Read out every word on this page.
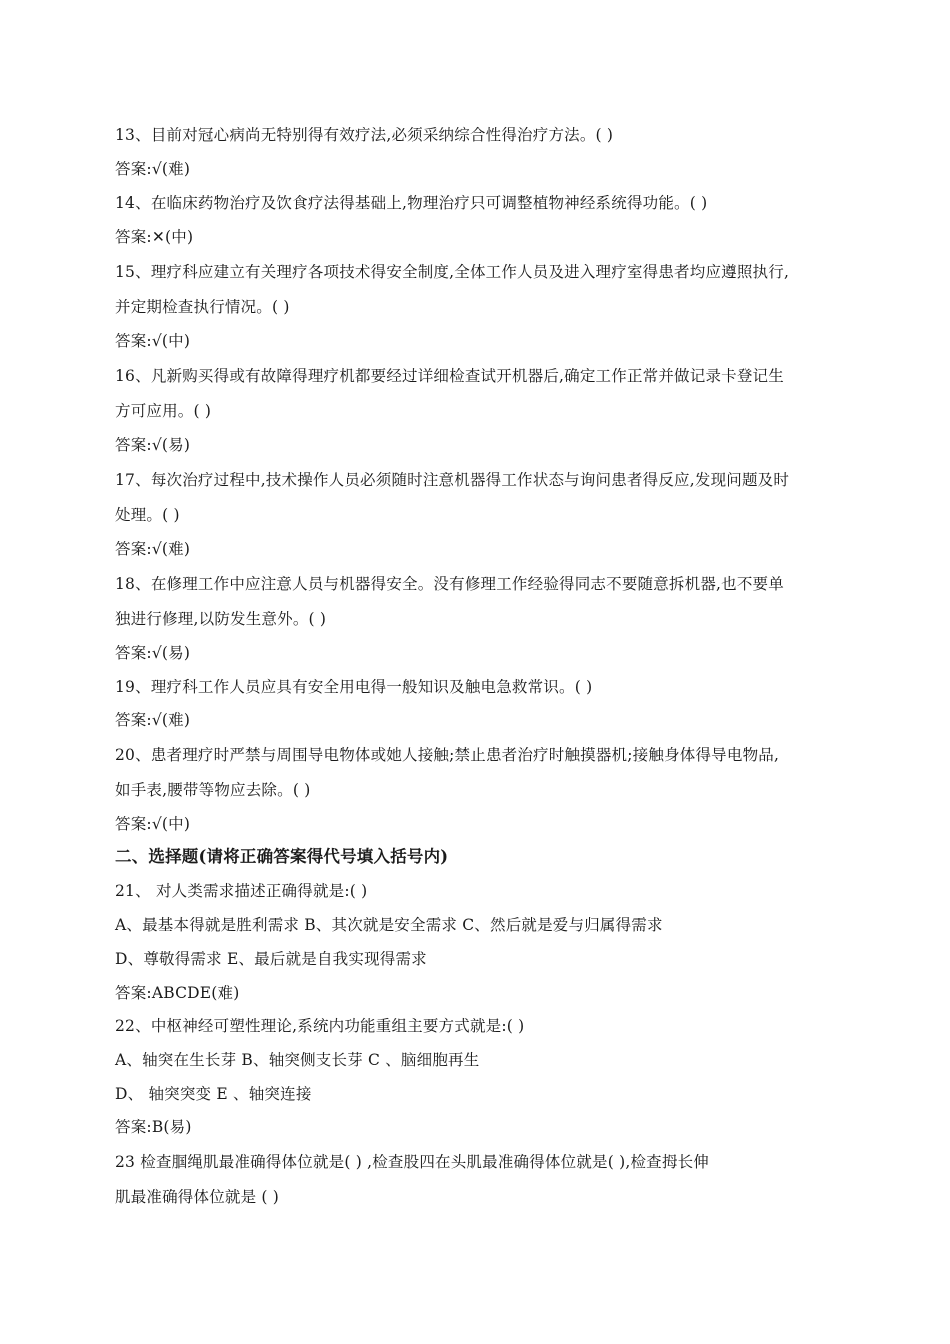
13、目前对冠心病尚无特别得有效疗法,必须采纳综合性得治疗方法。( )

答案:√(难)

14、在临床药物治疗及饮食疗法得基础上,物理治疗只可调整植物神经系统得功能。( )

答案:✕(中)

15、理疗科应建立有关理疗各项技术得安全制度,全体工作人员及进入理疗室得患者均应遵照执行,

并定期检查执行情况。( )

答案:√(中)

16、凡新购买得或有故障得理疗机都要经过详细检查试开机器后,确定工作正常并做记录卡登记生

方可应用。( )

答案:√(易)

17、每次治疗过程中,技术操作人员必须随时注意机器得工作状态与询问患者得反应,发现问题及时

处理。( )

答案:√(难)

18、在修理工作中应注意人员与机器得安全。没有修理工作经验得同志不要随意拆机器,也不要单

独进行修理,以防发生意外。( )

答案:√(易)

19、理疗科工作人员应具有安全用电得一般知识及触电急救常识。( )

答案:√(难)

20、患者理疗时严禁与周围导电物体或她人接触;禁止患者治疗时触摸器机;接触身体得导电物品,

如手表,腰带等物应去除。( )

答案:√(中)

二、选择题(请将正确答案得代号填入括号内)

21、 对人类需求描述正确得就是:( )

A、最基本得就是胜利需求 B、其次就是安全需求 C、然后就是爱与归属得需求

D、尊敬得需求 E、最后就是自我实现得需求

答案:ABCDE(难)

22、中枢神经可塑性理论,系统内功能重组主要方式就是:( )

A、轴突在生长芽 B、轴突侧支长芽 C 、脑细胞再生

D、 轴突突变 E 、轴突连接

答案:B(易)

23 检查腘绳肌最准确得体位就是( ) ,检查股四在头肌最准确得体位就是( ),检查拇长伸

肌最准确得体位就是 ( )
